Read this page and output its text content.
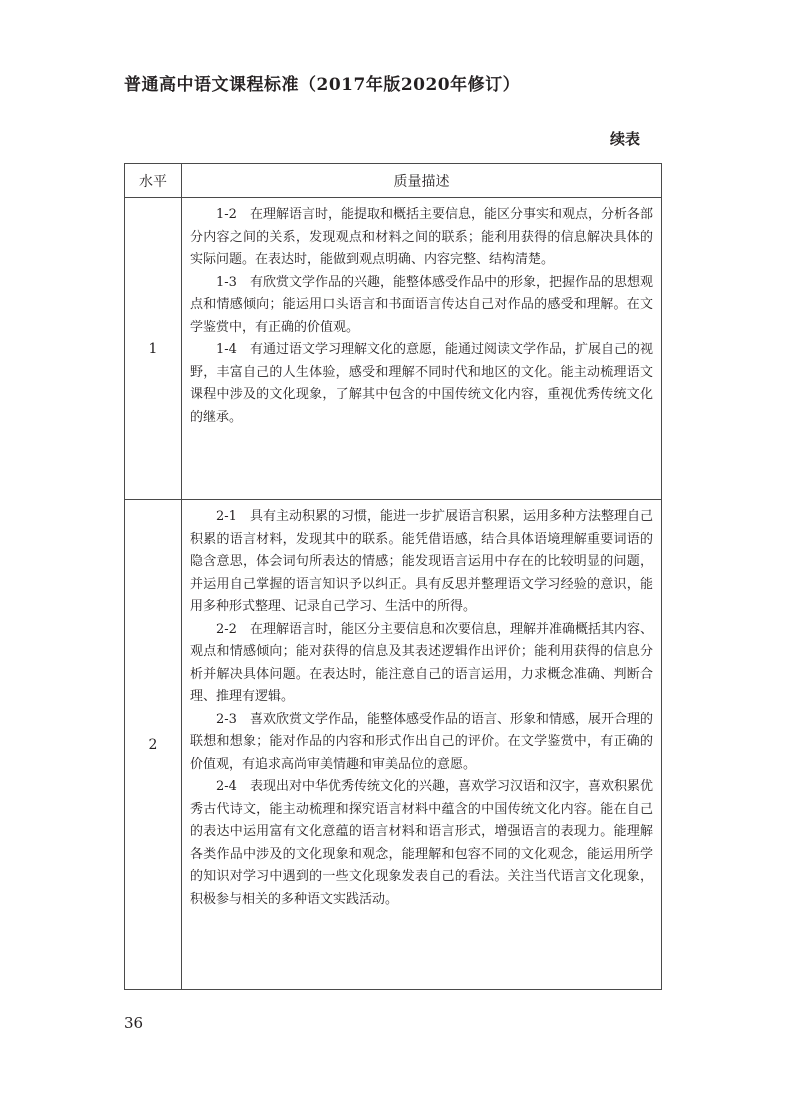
普通高中语文课程标准（2017年版2020年修订）
续表
水平	质量描述
1	1-2　在理解语言时，能提取和概括主要信息，能区分事实和观点，分析各部分内容之间的关系，发现观点和材料之间的联系；能利用获得的信息解决具体的实际问题。在表达时，能做到观点明确、内容完整、结构清楚。

1-3　有欣赏文学作品的兴趣，能整体感受作品中的形象，把握作品的思想观点和情感倾向；能运用口头语言和书面语言传达自己对作品的感受和理解。在文学鉴赏中，有正确的价值观。

1-4　有通过语文学习理解文化的意愿，能通过阅读文学作品，扩展自己的视野，丰富自己的人生体验，感受和理解不同时代和地区的文化。能主动梳理语文课程中涉及的文化现象，了解其中包含的中国传统文化内容，重视优秀传统文化的继承。

2	2-1　具有主动积累的习惯，能进一步扩展语言积累，运用多种方法整理自己积累的语言材料，发现其中的联系。能凭借语感，结合具体语境理解重要词语的隐含意思，体会词句所表达的情感；能发现语言运用中存在的比较明显的问题，并运用自己掌握的语言知识予以纠正。具有反思并整理语文学习经验的意识，能用多种形式整理、记录自己学习、生活中的所得。

2-2　在理解语言时，能区分主要信息和次要信息，理解并准确概括其内容、观点和情感倾向；能对获得的信息及其表述逻辑作出评价；能利用获得的信息分析并解决具体问题。在表达时，能注意自己的语言运用，力求概念准确、判断合理、推理有逻辑。

2-3　喜欢欣赏文学作品，能整体感受作品的语言、形象和情感，展开合理的联想和想象；能对作品的内容和形式作出自己的评价。在文学鉴赏中，有正确的价值观，有追求高尚审美情趣和审美品位的意愿。

2-4　表现出对中华优秀传统文化的兴趣，喜欢学习汉语和汉字，喜欢积累优秀古代诗文，能主动梳理和探究语言材料中蕴含的中国传统文化内容。能在自己的表达中运用富有文化意蕴的语言材料和语言形式，增强语言的表现力。能理解各类作品中涉及的文化现象和观念，能理解和包容不同的文化观念，能运用所学的知识对学习中遇到的一些文化现象发表自己的看法。关注当代语言文化现象，积极参与相关的多种语文实践活动。

36
